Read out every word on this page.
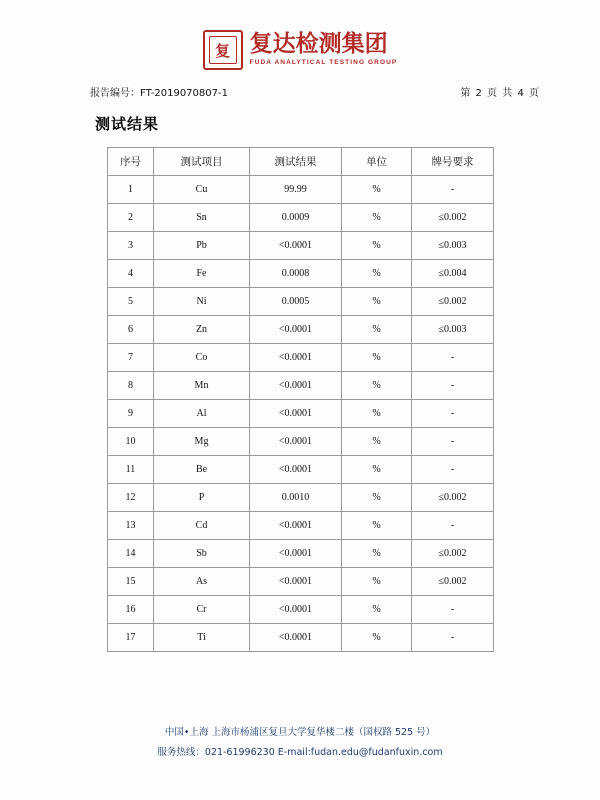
复 复达检测集团
FUDA ANALYTICAL TESTING GROUP
报告编号：FT-2019070807-1	第 2 页 共 4 页
测试结果
序号	测试项目	测试结果	单位	牌号要求
1	Cu	99.99	%	-
2	Sn	0.0009	%	≤0.002
3	Pb	<0.0001	%	≤0.003
4	Fe	0.0008	%	≤0.004
5	Ni	0.0005	%	≤0.002
6	Zn	<0.0001	%	≤0.003
7	Co	<0.0001	%	-
8	Mn	<0.0001	%	-
9	Al	<0.0001	%	-
10	Mg	<0.0001	%	-
11	Be	<0.0001	%	-
12	P	0.0010	%	≤0.002
13	Cd	<0.0001	%	-
14	Sb	<0.0001	%	≤0.002
15	As	<0.0001	%	≤0.002
16	Cr	<0.0001	%	-
17	Ti	<0.0001	%	-
中国•上海 上海市杨浦区复旦大学复华楼二楼（国权路 525 号）
服务热线：021-61996230 E-mail:fudan.edu@fudanfuxin.com
